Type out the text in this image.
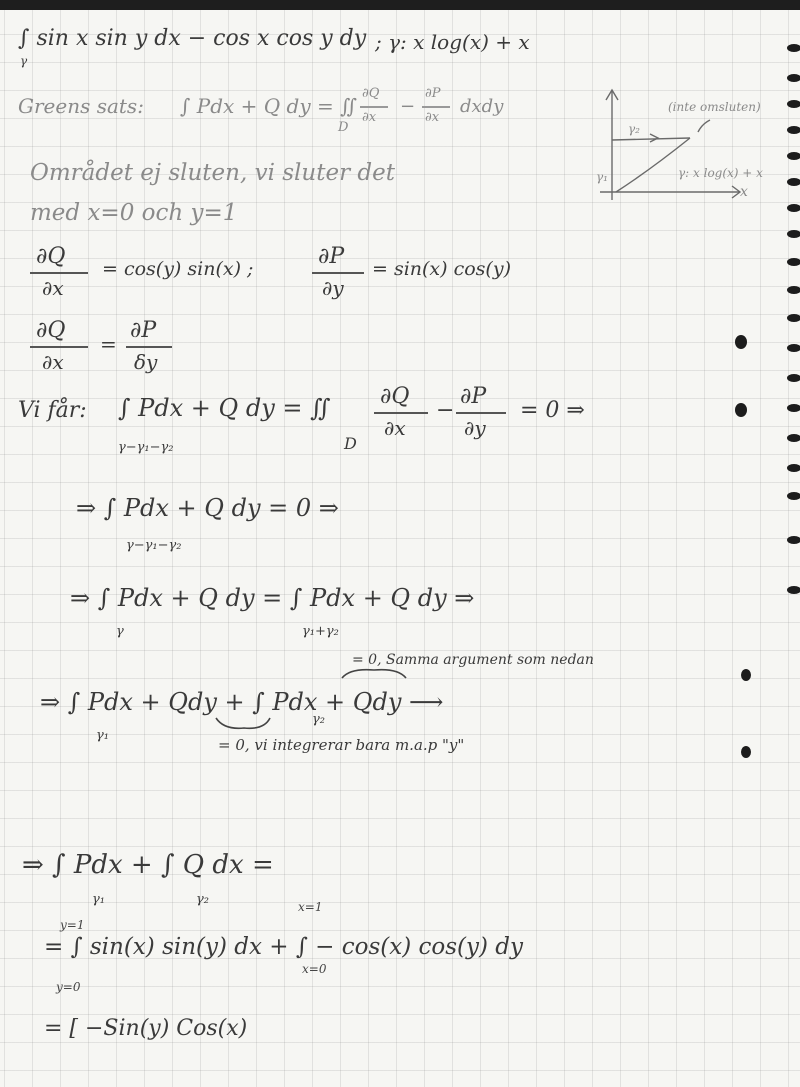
∫ sin x sin y dx − cos x cos y dy
γ
; γ: x log(x) + x
Greens sats: ∫ Pdx + Q dy = ∬
∂Q
∂x
−
∂P
∂x
dxdy
D
Området ej sluten, vi sluter det
med x=0 och y=1
∂Q
∂x
= cos(y) sin(x) ;	∂P
∂y
= sin(x) cos(y)
∂Q
∂x
=
∂P
δy
Vi får: ∫ Pdx + Q dy = ∬
γ−γ₁−γ₂	D
∂Q
∂x
−
∂P
∂y
= 0 ⇒
⇒ ∫ Pdx + Q dy = 0 ⇒
γ−γ₁−γ₂
⇒ ∫ Pdx + Q dy = ∫ Pdx + Q dy ⇒
γ	γ₁+γ₂
= 0, Samma argument som nedan
⇒ ∫ Pdx + Qdy + ∫ Pdx + Qdy ⟶
γ₁
γ₂
= 0, vi integrerar bara m.a.p "y"
⇒ ∫ Pdx + ∫ Q dx =
γ₁	γ₂
y=1
y=0
x=1
x=0
= ∫ sin(x) sin(y) dx + ∫ − cos(x) cos(y) dy
= [ −Sin(y) Cos(x)
(inte omsluten)
γ: x log(x) + x
γ₁
γ₂
x
